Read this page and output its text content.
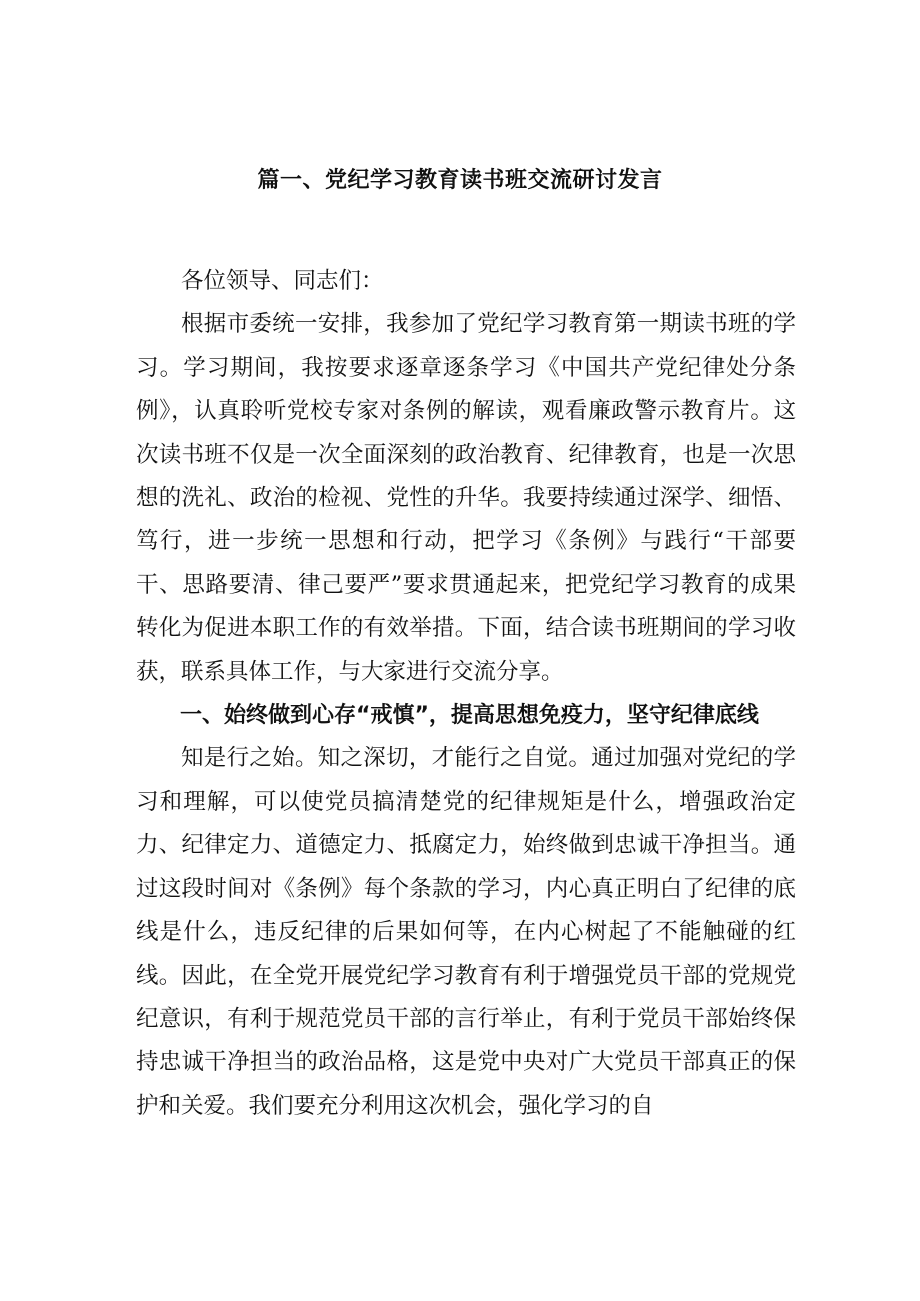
篇一、党纪学习教育读书班交流研讨发言

各位领导、同志们：

根据市委统一安排，我参加了党纪学习教育第一期读书班的学习。学习期间，我按要求逐章逐条学习《中国共产党纪律处分条例》，认真聆听党校专家对条例的解读，观看廉政警示教育片。这次读书班不仅是一次全面深刻的政治教育、纪律教育，也是一次思想的洗礼、政治的检视、党性的升华。我要持续通过深学、细悟、笃行，进一步统一思想和行动，把学习《条例》与践行“干部要干、思路要清、律己要严”要求贯通起来，把党纪学习教育的成果转化为促进本职工作的有效举措。下面，结合读书班期间的学习收获，联系具体工作，与大家进行交流分享。

一、始终做到心存“戒慎”，提高思想免疫力，坚守纪律底线

知是行之始。知之深切，才能行之自觉。通过加强对党纪的学习和理解，可以使党员搞清楚党的纪律规矩是什么，增强政治定力、纪律定力、道德定力、抵腐定力，始终做到忠诚干净担当。通过这段时间对《条例》每个条款的学习，内心真正明白了纪律的底线是什么，违反纪律的后果如何等，在内心树起了不能触碰的红线。因此，在全党开展党纪学习教育有利于增强党员干部的党规党纪意识，有利于规范党员干部的言行举止，有利于党员干部始终保持忠诚干净担当的政治品格，这是党中央对广大党员干部真正的保护和关爱。我们要充分利用这次机会，强化学习的自
